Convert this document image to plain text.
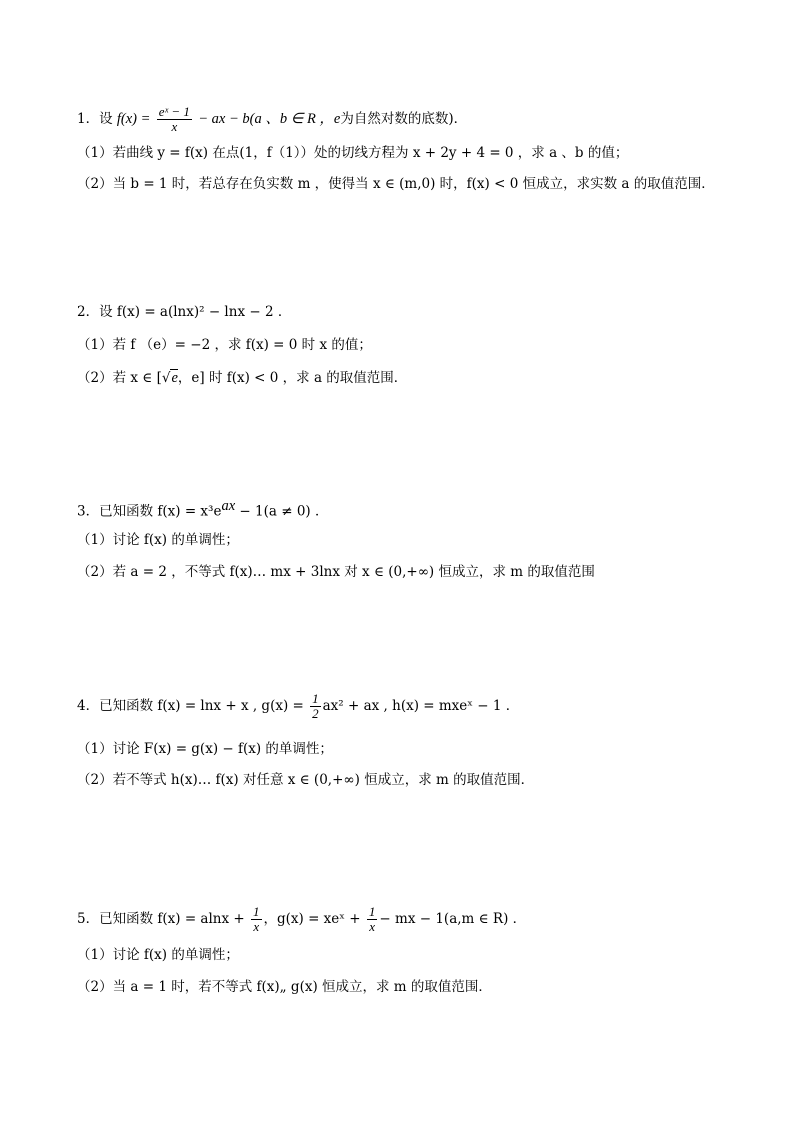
1．设 $f(x) = \frac{\text{eˣ − 1}}{x}$ − ax − b(a 、b ∈ R ，e为自然对数的底数)．
（1）若曲线 y = f(x) 在点(1，f（1））处的切线方程为 x + 2y + 4 = 0 ，求 a 、b 的值；
（2）当 b = 1 时，若总存在负实数 m ，使得当 x ∈ (m,0) 时，f(x) < 0 恒成立，求实数 a 的取值范围．
2．设 f(x) = a(lnx)² − lnx − 2 ．
（1）若 f （e）= −2 ，求 f(x) = 0 时 x 的值；
（2）若 x ∈ [√e，e] 时 f(x) < 0 ，求 a 的取值范围．
3．已知函数 $f(x) = x^3e^{ax} - 1(a \ne 0)$ ．
（1）讨论 f(x) 的单调性；
（2）若 a = 2 ，不等式 f(x)… mx + 3lnx 对 x ∈ (0,+∞) 恒成立，求 m 的取值范围
4．已知函数 f(x) = lnx + x , $g(x) = \frac{1}{2} ax^2$ + ax , h(x) = mxeˣ − 1 ．
（1）讨论 F(x) = g(x) − f(x) 的单调性；
（2）若不等式 h(x)… f(x) 对任意 x ∈ (0,+∞) 恒成立，求 m 的取值范围．
5．已知函数 $f(x) = alnx + \frac{1}{x}$ ，g(x) = xeˣ + $\frac{1}{x}$ − mx − 1(a,m ∈ R) ．
（1）讨论 f(x) 的单调性；
（2）当 a = 1 时，若不等式 f(x)„ g(x) 恒成立，求 m 的取值范围．
